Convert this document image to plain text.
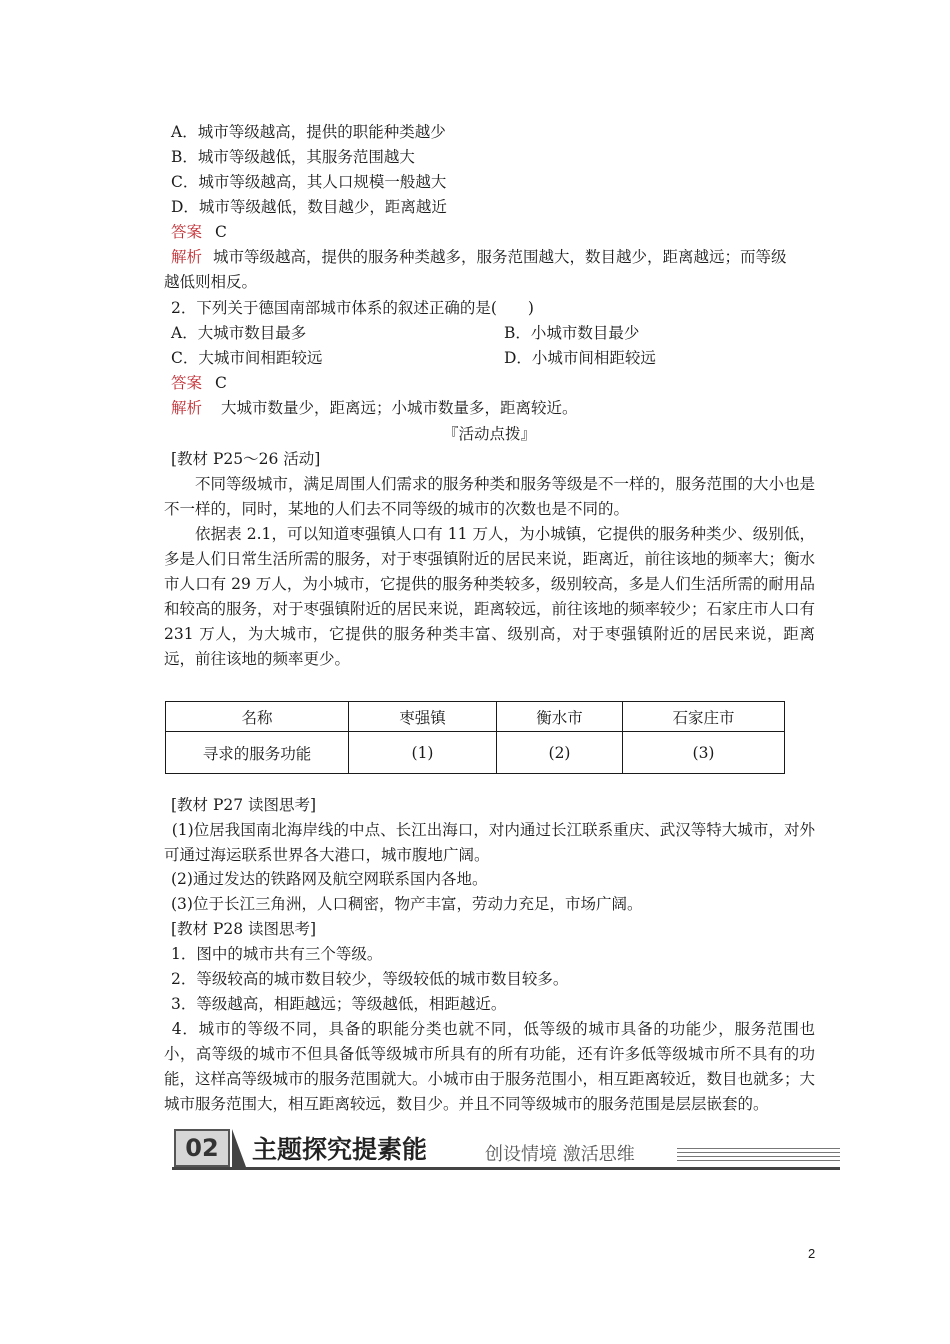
A．城市等级越高，提供的职能种类越少
B．城市等级越低，其服务范围越大
C．城市等级越高，其人口规模一般越大
D．城市等级越低，数目越少，距离越近
答案 C
解析 城市等级越高，提供的服务种类越多，服务范围越大，数目越少，距离越远；而等级
越低则相反。
2．下列关于德国南部城市体系的叙述正确的是(　　)
A．大城市数目最多	B．小城市数目最少
C．大城市间相距较远	D．小城市间相距较远
答案 C
解析 大城市数量少，距离远；小城市数量多，距离较近。
『活动点拨』
[教材 P25～26 活动]
不同等级城市，满足周围人们需求的服务种类和服务等级是不一样的，服务范围的大小也是不一样的，同时，某地的人们去不同等级的城市的次数也是不同的。
依据表 2.1，可以知道枣强镇人口有 11 万人，为小城镇，它提供的服务种类少、级别低，多是人们日常生活所需的服务，对于枣强镇附近的居民来说，距离近，前往该地的频率大；衡水市人口有 29 万人，为小城市，它提供的服务种类较多，级别较高，多是人们生活所需的耐用品和较高的服务，对于枣强镇附近的居民来说，距离较远，前往该地的频率较少；石家庄市人口有 231 万人，为大城市，它提供的服务种类丰富、级别高，对于枣强镇附近的居民来说，距离远，前往该地的频率更少。
名称	枣强镇	衡水市	石家庄市
寻求的服务功能	(1)	(2)	(3)
[教材 P27 读图思考]
(1)位居我国南北海岸线的中点、长江出海口，对内通过长江联系重庆、武汉等特大城市，对外可通过海运联系世界各大港口，城市腹地广阔。
(2)通过发达的铁路网及航空网联系国内各地。
(3)位于长江三角洲，人口稠密，物产丰富，劳动力充足，市场广阔。
[教材 P28 读图思考]
1．图中的城市共有三个等级。
2．等级较高的城市数目较少，等级较低的城市数目较多。
3．等级越高，相距越远；等级越低，相距越近。
4．城市的等级不同，具备的职能分类也就不同，低等级的城市具备的功能少，服务范围也小，高等级的城市不但具备低等级城市所具有的所有功能，还有许多低等级城市所不具有的功能，这样高等级城市的服务范围就大。小城市由于服务范围小，相互距离较近，数目也就多；大城市服务范围大，相互距离较远，数目少。并且不同等级城市的服务范围是层层嵌套的。
02	主题探究提素能	创设情境 激活思维
2
